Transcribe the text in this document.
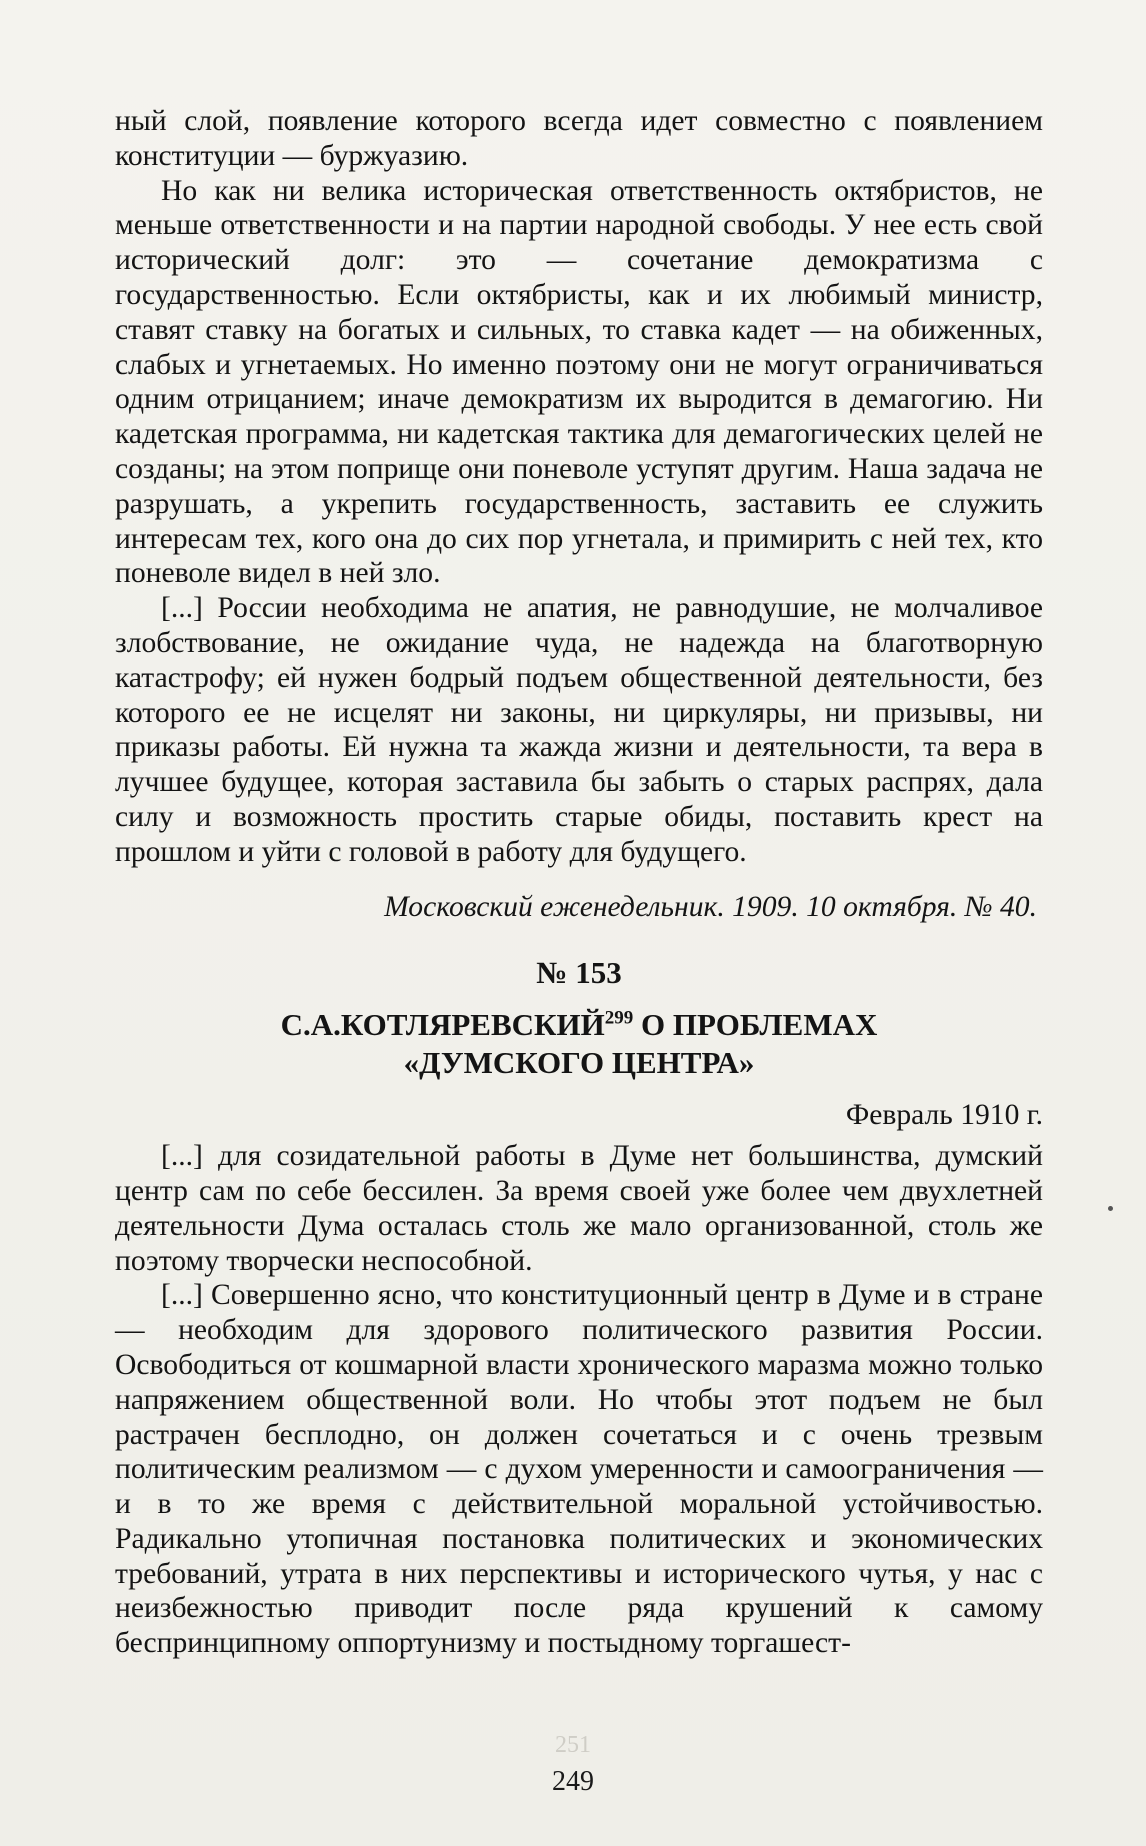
ный слой, появление которого всегда идет совместно с появлением конституции — буржуазию.

Но как ни велика историческая ответственность октябристов, не меньше ответственности и на партии народной свободы. У нее есть свой исторический долг: это — сочетание демократизма с государственностью. Если октябристы, как и их любимый министр, ставят ставку на богатых и сильных, то ставка кадет — на обиженных, слабых и угнетаемых. Но именно поэтому они не могут ограничиваться одним отрицанием; иначе демократизм их выродится в демагогию. Ни кадетская программа, ни кадетская тактика для демагогических целей не созданы; на этом поприще они поневоле уступят другим. Наша задача не разрушать, а укрепить государственность, заставить ее служить интересам тех, кого она до сих пор угнетала, и примирить с ней тех, кто поневоле видел в ней зло.

[...] России необходима не апатия, не равнодушие, не молчаливое злобствование, не ожидание чуда, не надежда на благотворную катастрофу; ей нужен бодрый подъем общественной деятельности, без которого ее не исцелят ни законы, ни циркуляры, ни призывы, ни приказы работы. Ей нужна та жажда жизни и деятельности, та вера в лучшее будущее, которая заставила бы забыть о старых распрях, дала силу и возможность простить старые обиды, поставить крест на прошлом и уйти с головой в работу для будущего.

Московский еженедельник. 1909. 10 октября. № 40.

№ 153

С.А.КОТЛЯРЕВСКИЙ$^{299}$ О ПРОБЛЕМАХ
«ДУМСКОГО ЦЕНТРА»

Февраль 1910 г.

[...] для созидательной работы в Думе нет большинства, думский центр сам по себе бессилен. За время своей уже более чем двухлетней деятельности Дума осталась столь же мало организованной, столь же поэтому творчески неспособной.

[...] Совершенно ясно, что конституционный центр в Думе и в стране — необходим для здорового политического развития России. Освободиться от кошмарной власти хронического маразма можно только напряжением общественной воли. Но чтобы этот подъем не был растрачен бесплодно, он должен сочетаться и с очень трезвым политическим реализмом — с духом умеренности и самоограничения — и в то же время с действительной моральной устойчивостью. Радикально утопичная постановка политических и экономических требований, утрата в них перспективы и исторического чутья, у нас с неизбежностью приводит после ряда крушений к самому беспринципному оппортунизму и постыдному торгашест-

251
249
